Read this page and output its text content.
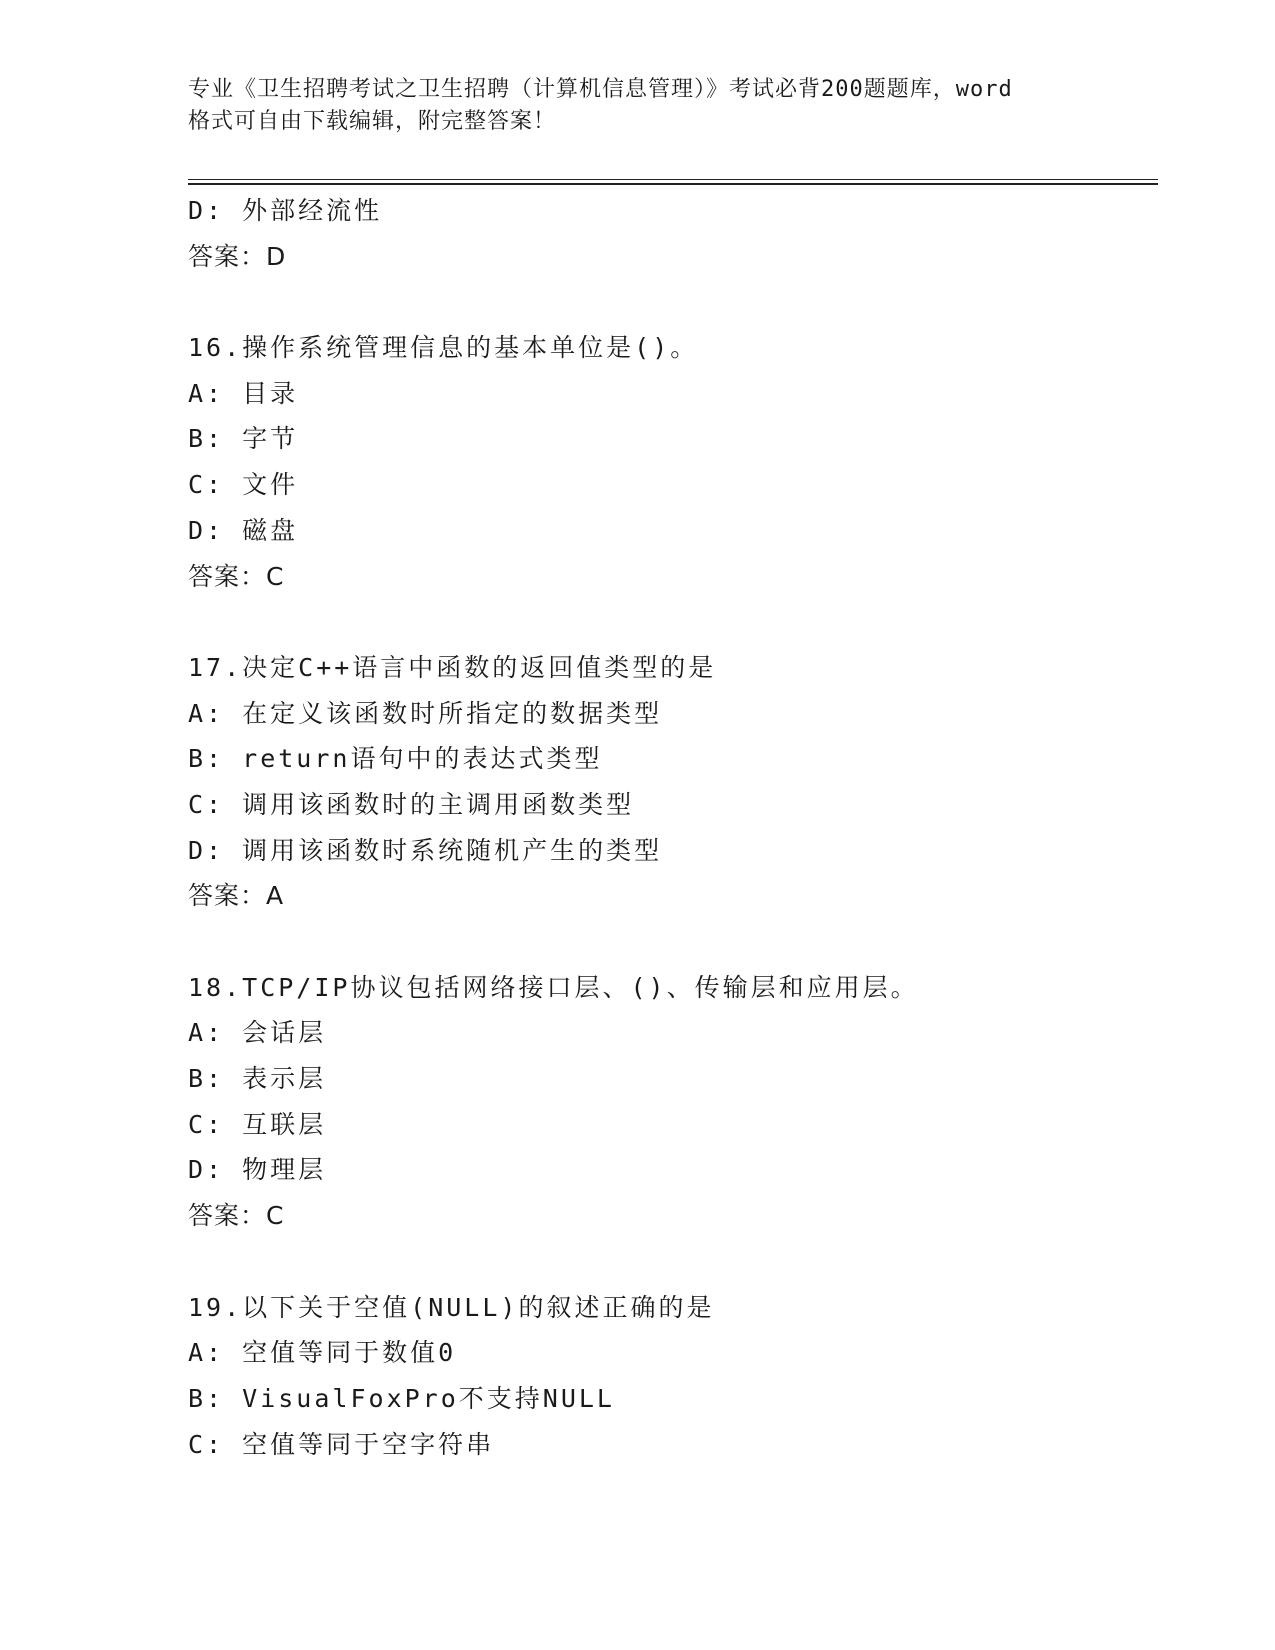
专业《卫生招聘考试之卫生招聘（计算机信息管理）》考试必背200题题库，word
格式可自由下载编辑，附完整答案！
D: 外部经流性
答案：D
16.操作系统管理信息的基本单位是()。
A: 目录
B: 字节
C: 文件
D: 磁盘
答案：C
17.决定C++语言中函数的返回值类型的是
A: 在定义该函数时所指定的数据类型
B: return语句中的表达式类型
C: 调用该函数时的主调用函数类型
D: 调用该函数时系统随机产生的类型
答案：A
18.TCP/IP协议包括网络接口层、()、传输层和应用层。
A: 会话层
B: 表示层
C: 互联层
D: 物理层
答案：C
19.以下关于空值(NULL)的叙述正确的是
A: 空值等同于数值0
B: VisualFoxPro不支持NULL
C: 空值等同于空字符串
